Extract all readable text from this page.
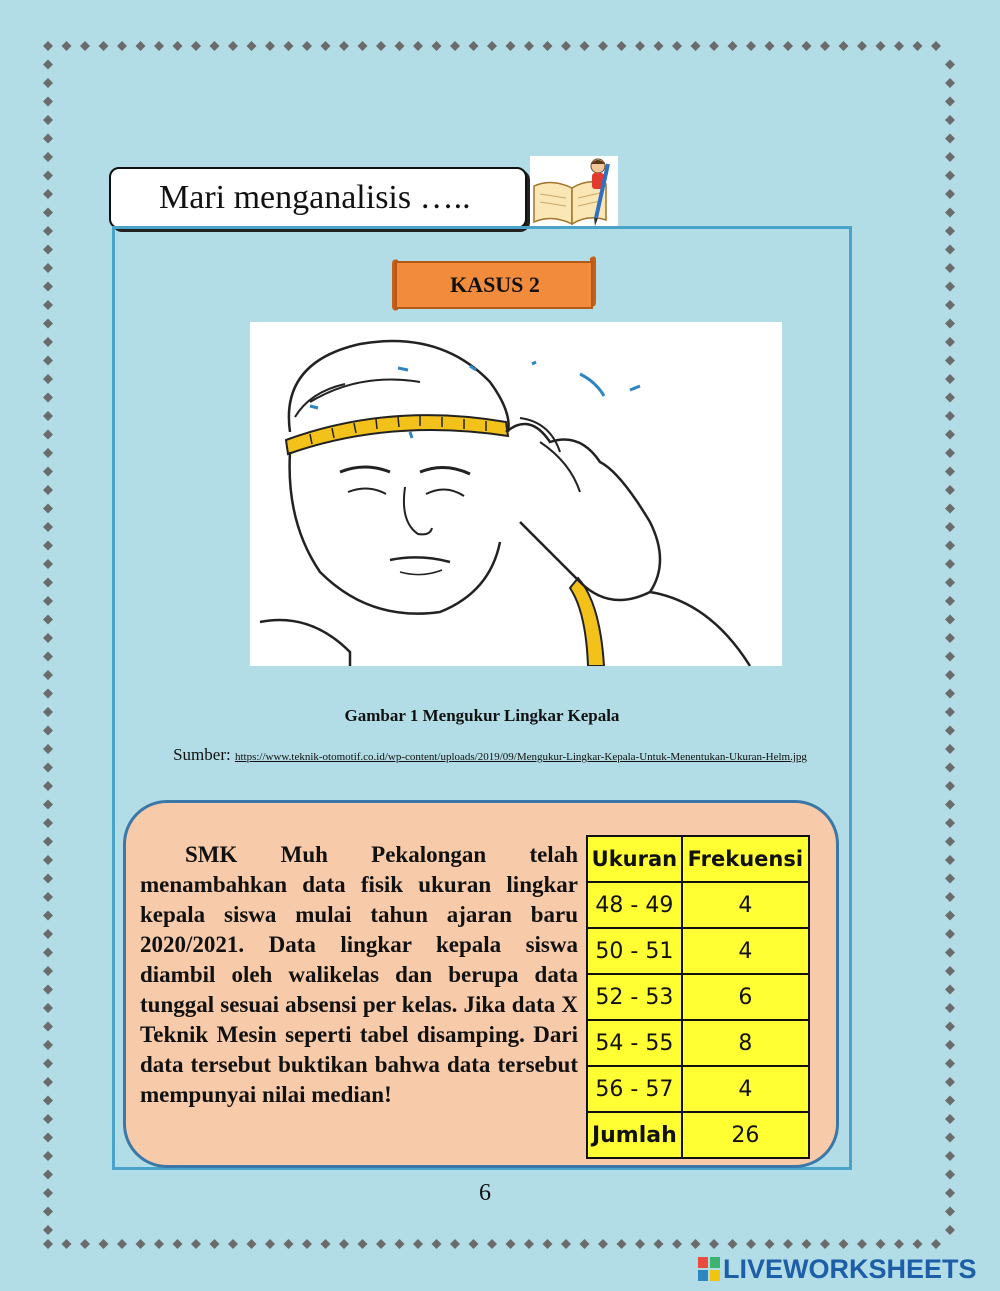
Mari menganalisis …..
KASUS 2
Gambar 1 Mengukur Lingkar Kepala
Sumber: https://www.teknik-otomotif.co.id/wp-content/uploads/2019/09/Mengukur-Lingkar-Kepala-Untuk-Menentukan-Ukuran-Helm.jpg

SMK Muh Pekalongan telah menambahkan data fisik ukuran lingkar kepala siswa mulai tahun ajaran baru 2020/2021. Data lingkar kepala siswa diambil oleh walikelas dan berupa data tunggal sesuai absensi per kelas. Jika data X Teknik Mesin seperti tabel disamping. Dari data tersebut buktikan bahwa data tersebut mempunyai nilai median!

Ukuran	Frekuensi
48 - 49	4
50 - 51	4
52 - 53	6
54 - 55	8
56 - 57	4
Jumlah	26
6
LIVEWORKSHEETS
